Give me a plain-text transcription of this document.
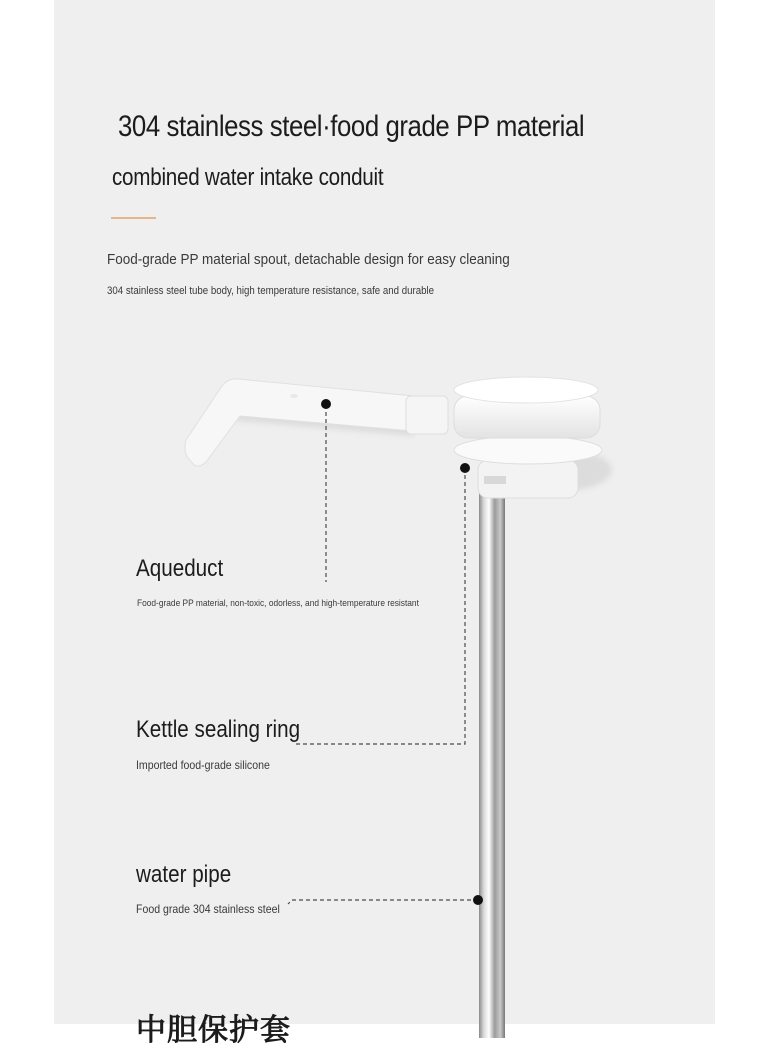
304 stainless steel·food grade PP material
combined water intake conduit
Food-grade PP material spout, detachable design for easy cleaning
304 stainless steel tube body, high temperature resistance, safe and durable
Aqueduct
Food-grade PP material, non-toxic, odorless, and high-temperature resistant
Kettle sealing ring
Imported food-grade silicone
water pipe
Food grade 304 stainless steel
中胆保护套
